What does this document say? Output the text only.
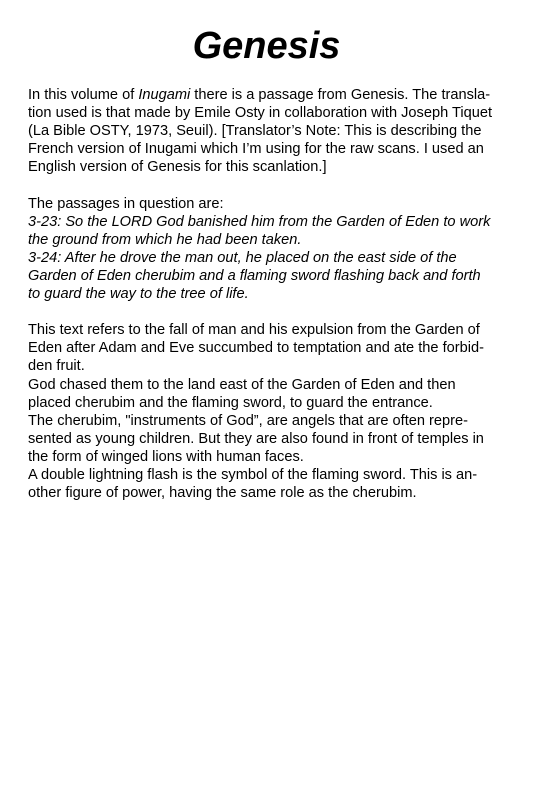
Genesis
In this volume of Inugami there is a passage from Genesis. The transla-
tion used is that made by Emile Osty in collaboration with Joseph Tiquet
(La Bible OSTY, 1973, Seuil). [Translator’s Note: This is describing the
French version of Inugami which I’m using for the raw scans. I used an
English version of Genesis for this scanlation.]
The passages in question are:
3-23: So the LORD God banished him from the Garden of Eden to work
the ground from which he had been taken.
3-24: After he drove the man out, he placed on the east side of the
Garden of Eden cherubim and a flaming sword flashing back and forth
to guard the way to the tree of life.
This text refers to the fall of man and his expulsion from the Garden of
Eden after Adam and Eve succumbed to temptation and ate the forbid-
den fruit.
God chased them to the land east of the Garden of Eden and then
placed cherubim and the flaming sword, to guard the entrance.
The cherubim, "instruments of God”, are angels that are often repre-
sented as young children. But they are also found in front of temples in
the form of winged lions with human faces.
A double lightning flash is the symbol of the flaming sword. This is an-
other figure of power, having the same role as the cherubim.
